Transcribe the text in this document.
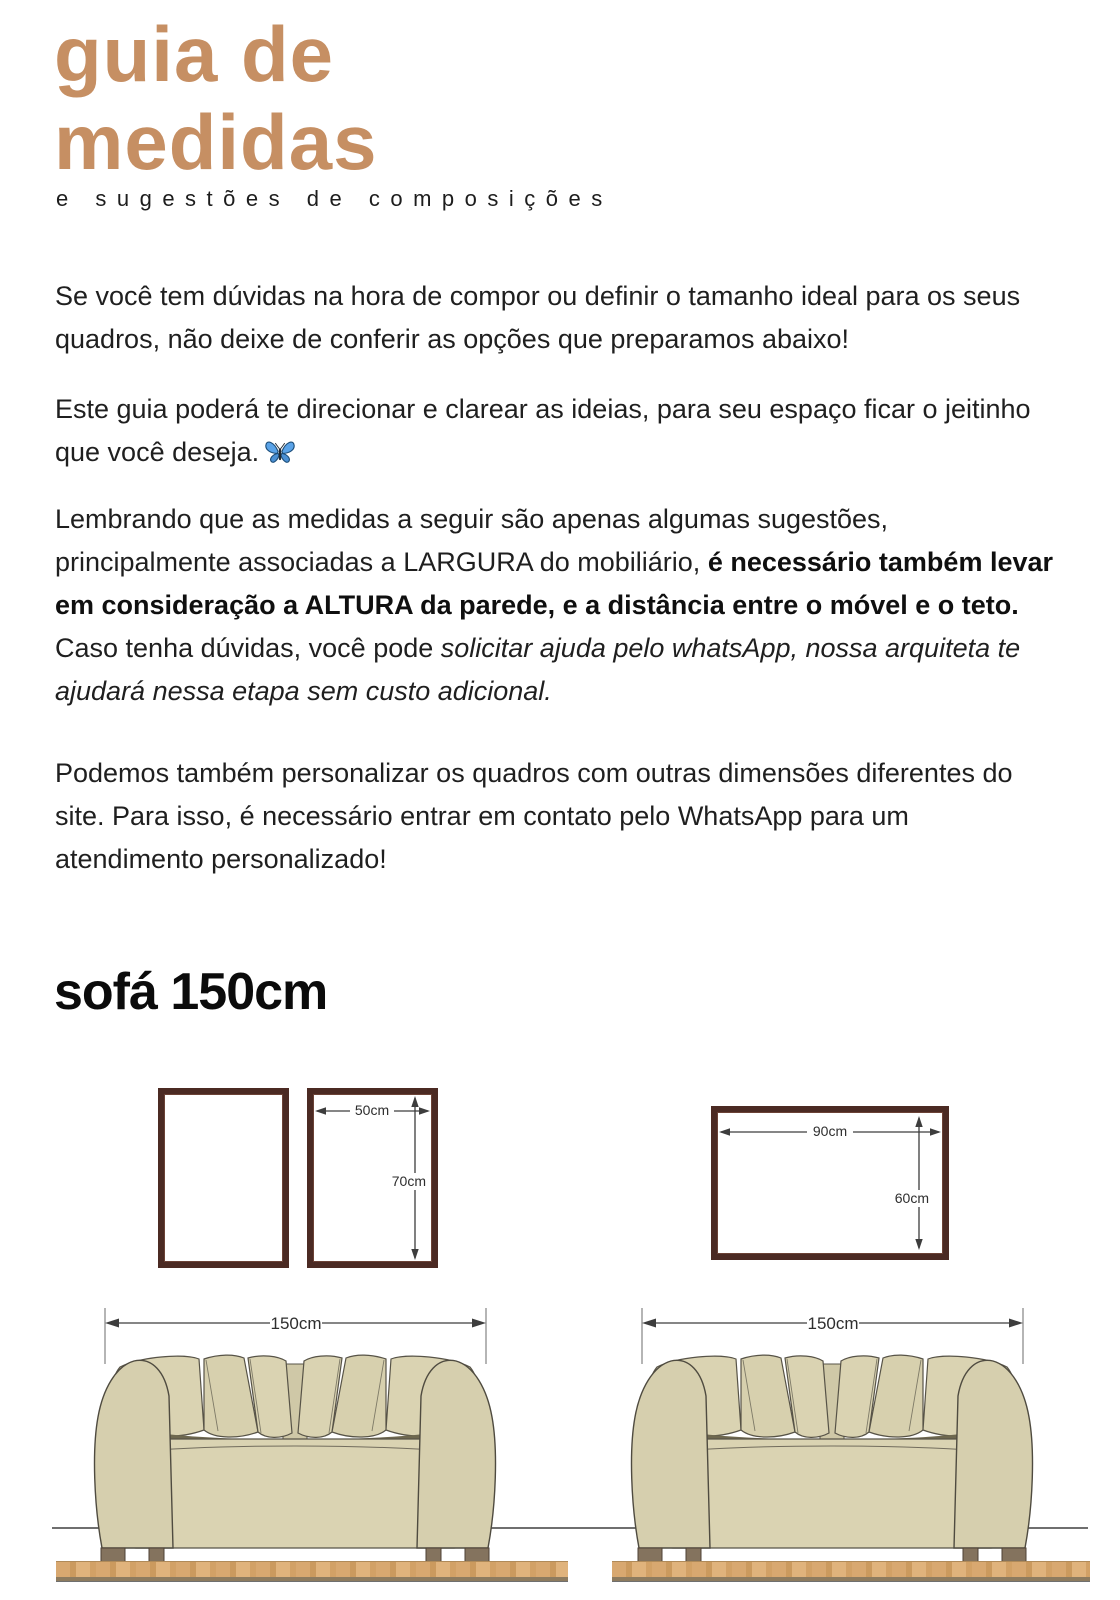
guia de medidas
e sugestões de composições
Se você tem dúvidas na hora de compor ou definir o tamanho ideal para os seus quadros, não deixe de conferir as opções que preparamos abaixo!
Este guia poderá te direcionar e clarear as ideias, para seu espaço ficar o jeitinho que você deseja.
Lembrando que as medidas a seguir são apenas algumas sugestões, principalmente associadas a LARGURA do mobiliário, é necessário também levar em consideração a ALTURA da parede, e a distância entre o móvel e o teto. Caso tenha dúvidas, você pode solicitar ajuda pelo whatsApp, nossa arquiteta te ajudará nessa etapa sem custo adicional.
Podemos também personalizar os quadros com outras dimensões diferentes do site. Para isso, é necessário entrar em contato pelo WhatsApp para um atendimento personalizado!
sofá 150cm
50cm
70cm
90cm
60cm
150cm	150cm
